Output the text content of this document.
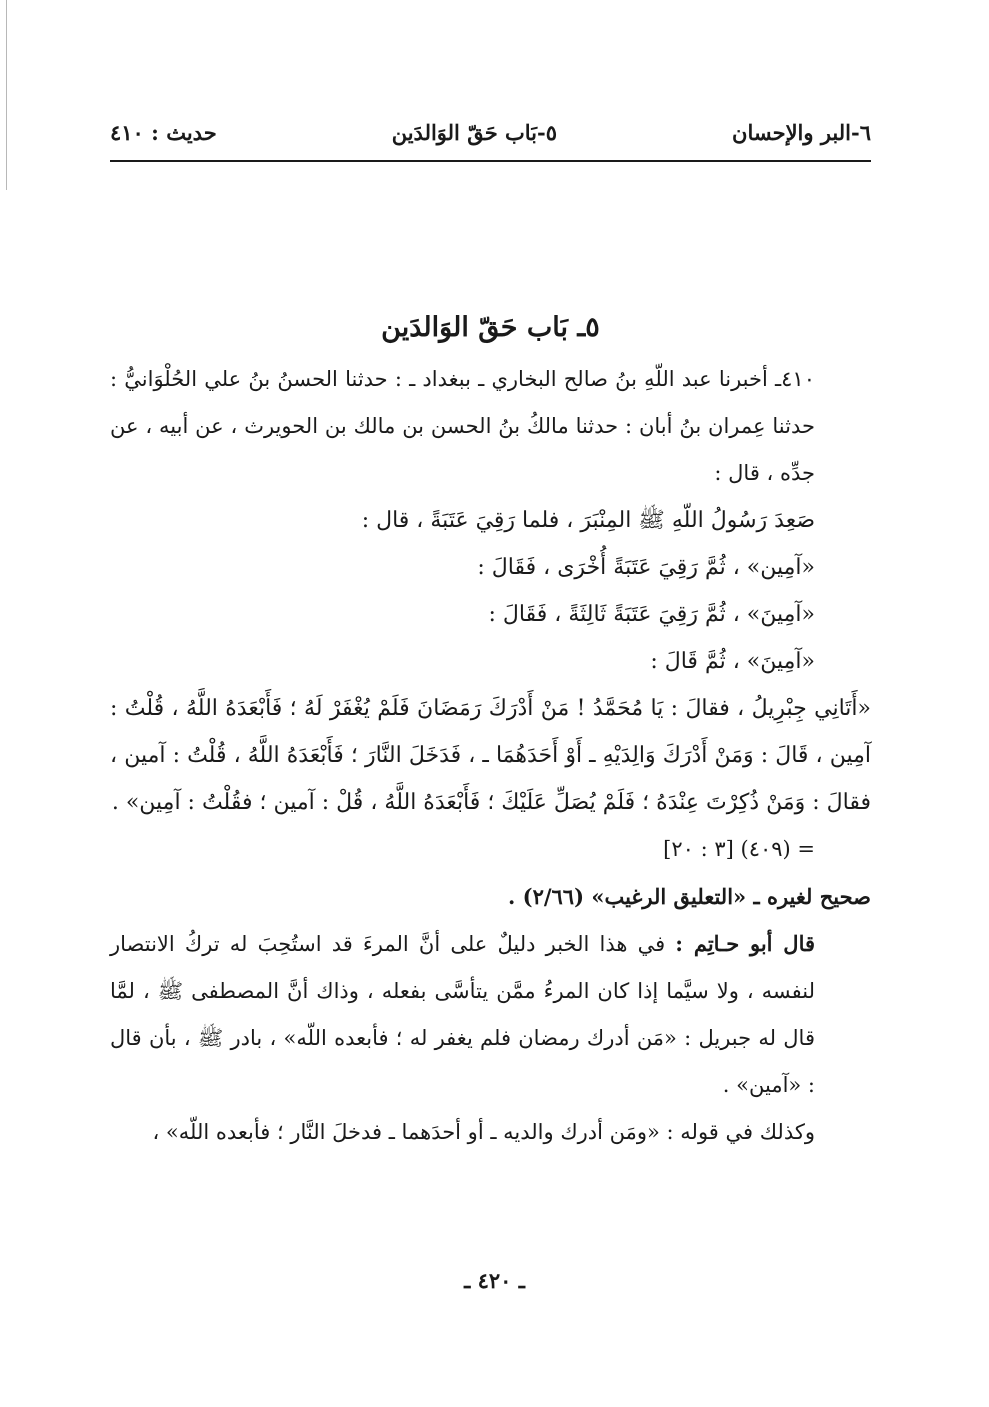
٦-البر والإحسان
٥-بَاب حَقّ الوَالدَين
حديث : ٤١٠
٥ـ بَاب حَقّ الوَالدَين

٤١٠ـ أخبرنا عبد اللّهِ بنُ صالح البخاري ـ ببغداد ـ : حدثنا الحسنُ بنُ علي الحُلْوَانيُّ : حدثنا عِمران بنُ أبان : حدثنا مالكُ بنُ الحسن بن مالك بن الحويرث ، عن أبيه ، عن جدِّه ، قال :

صَعِدَ رَسُولُ اللّهِ ﷺ المِنْبَرَ ، فلما رَقِيَ عَتَبَةً ، قال :
«آمِين» ، ثُمَّ رَقِيَ عَتَبَةً أُخْرَى ، فَقَالَ :
«آمِينَ» ، ثُمَّ رَقِيَ عَتَبَةً ثَالِثَةً ، فَقَالَ :
«آمِينَ» ، ثُمَّ قَالَ :

«أَتَانِي جِبْرِيلُ ، فقالَ : يَا مُحَمَّدُ ! مَنْ أَدْرَكَ رَمَضَانَ فَلَمْ يُغْفَرْ لَهُ ؛ فَأَبْعَدَهُ اللَّهُ ، قُلْتُ : آمِين ، قَالَ : وَمَنْ أَدْرَكَ وَالِدَيْهِ ـ أَوْ أَحَدَهُمَا ـ ، فَدَخَلَ النَّارَ ؛ فَأَبْعَدَهُ اللَّهُ ، قُلْتُ : آمين ، فقالَ : وَمَنْ ذُكِرْتَ عِنْدَهُ ؛ فَلَمْ يُصَلِّ عَلَيْكَ ؛ فَأَبْعَدَهُ اللَّهُ ، قُلْ : آمين ؛ فقُلْتُ : آمِين» .

= (٤٠٩) [٣ : ٢٠]
صحيح لغيره ـ «التعليق الرغيب» (٢/٦٦) .

قال أبو حـاتِم : في هذا الخبر دليلٌ على أنَّ المرءَ قد استُحِبَ له تركُ الانتصار لنفسه ، ولا سيَّما إذا كان المرءُ ممَّن يتأسَّى بفعله ، وذاك أنَّ المصطفى ﷺ ، لمَّا قال له جبريل : «مَن أدرك رمضان فلم يغفر له ؛ فأبعده اللّه» ، بادر ﷺ ، بأن قال : «آمين» .

وكذلك في قوله : «ومَن أدرك والديه ـ أو أحدَهما ـ فدخلَ النَّار ؛ فأبعده اللّه» ،

ـ ٤٢٠ ـ
